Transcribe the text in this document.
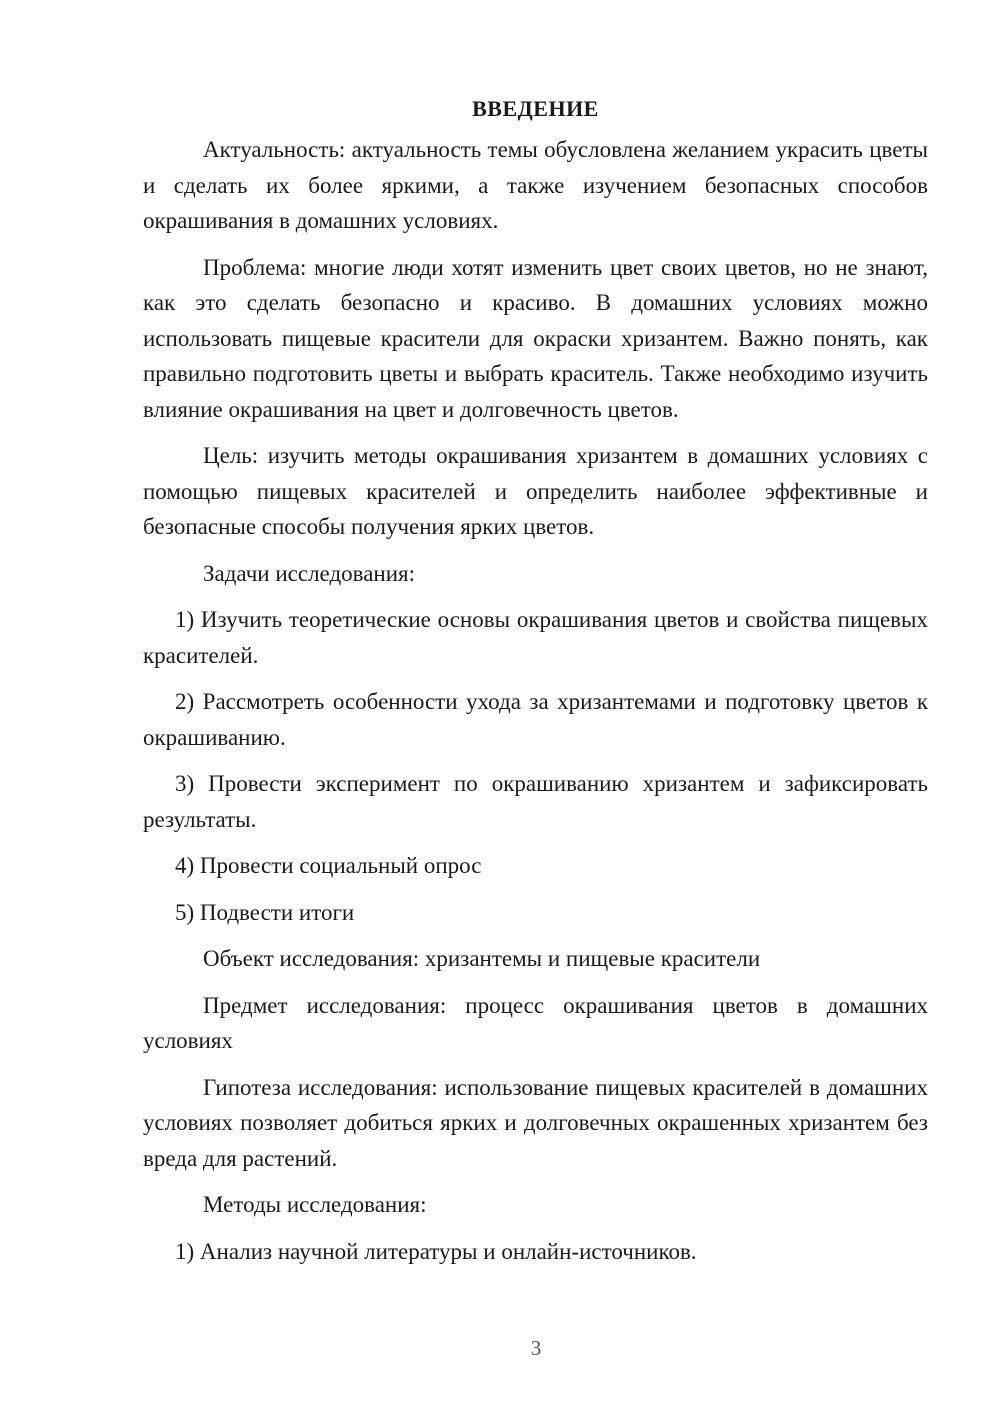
ВВЕДЕНИЕ

Актуальность: актуальность темы обусловлена желанием украсить цветы и сделать их более яркими, а также изучением безопасных способов окрашивания в домашних условиях.

Проблема: многие люди хотят изменить цвет своих цветов, но не знают, как это сделать безопасно и красиво. В домашних условиях можно использовать пищевые красители для окраски хризантем. Важно понять, как правильно подготовить цветы и выбрать краситель. Также необходимо изучить влияние окрашивания на цвет и долговечность цветов.

Цель: изучить методы окрашивания хризантем в домашних условиях с помощью пищевых красителей и определить наиболее эффективные и безопасные способы получения ярких цветов.

Задачи исследования:

1) Изучить теоретические основы окрашивания цветов и свойства пищевых красителей.

2) Рассмотреть особенности ухода за хризантемами и подготовку цветов к окрашиванию.

3) Провести эксперимент по окрашиванию хризантем и зафиксировать результаты.

4) Провести социальный опрос

5) Подвести итоги

Объект исследования: хризантемы и пищевые красители

Предмет исследования: процесс окрашивания цветов в домашних условиях

Гипотеза исследования: использование пищевых красителей в домашних условиях позволяет добиться ярких и долговечных окрашенных хризантем без вреда для растений.

Методы исследования:

1) Анализ научной литературы и онлайн-источников.

3
